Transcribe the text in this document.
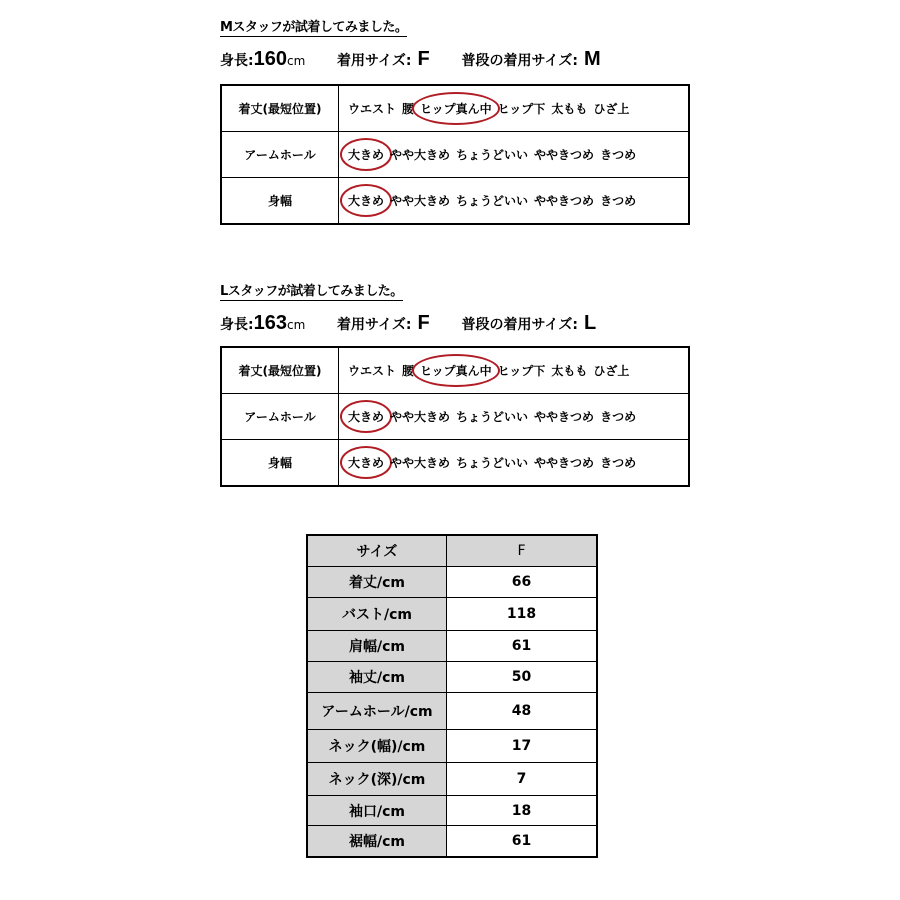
Mスタッフが試着してみました。
身長:160cm 着用サイズ: F 普段の着用サイズ: M
着丈(最短位置)	ウエスト 腰 ヒップ真ん中 ヒップ下 太もも ひざ上
アームホール	大きめ やや大きめ ちょうどいい ややきつめ きつめ
身幅	大きめ やや大きめ ちょうどいい ややきつめ きつめ
Lスタッフが試着してみました。
身長:163cm 着用サイズ: F 普段の着用サイズ: L
着丈(最短位置)	ウエスト 腰 ヒップ真ん中 ヒップ下 太もも ひざ上
アームホール	大きめ やや大きめ ちょうどいい ややきつめ きつめ
身幅	大きめ やや大きめ ちょうどいい ややきつめ きつめ
サイズ	F
着丈/cm	66
バスト/cm	118
肩幅/cm	61
袖丈/cm	50
アームホール/cm	48
ネック(幅)/cm	17
ネック(深)/cm	7
袖口/cm	18
裾幅/cm	61
